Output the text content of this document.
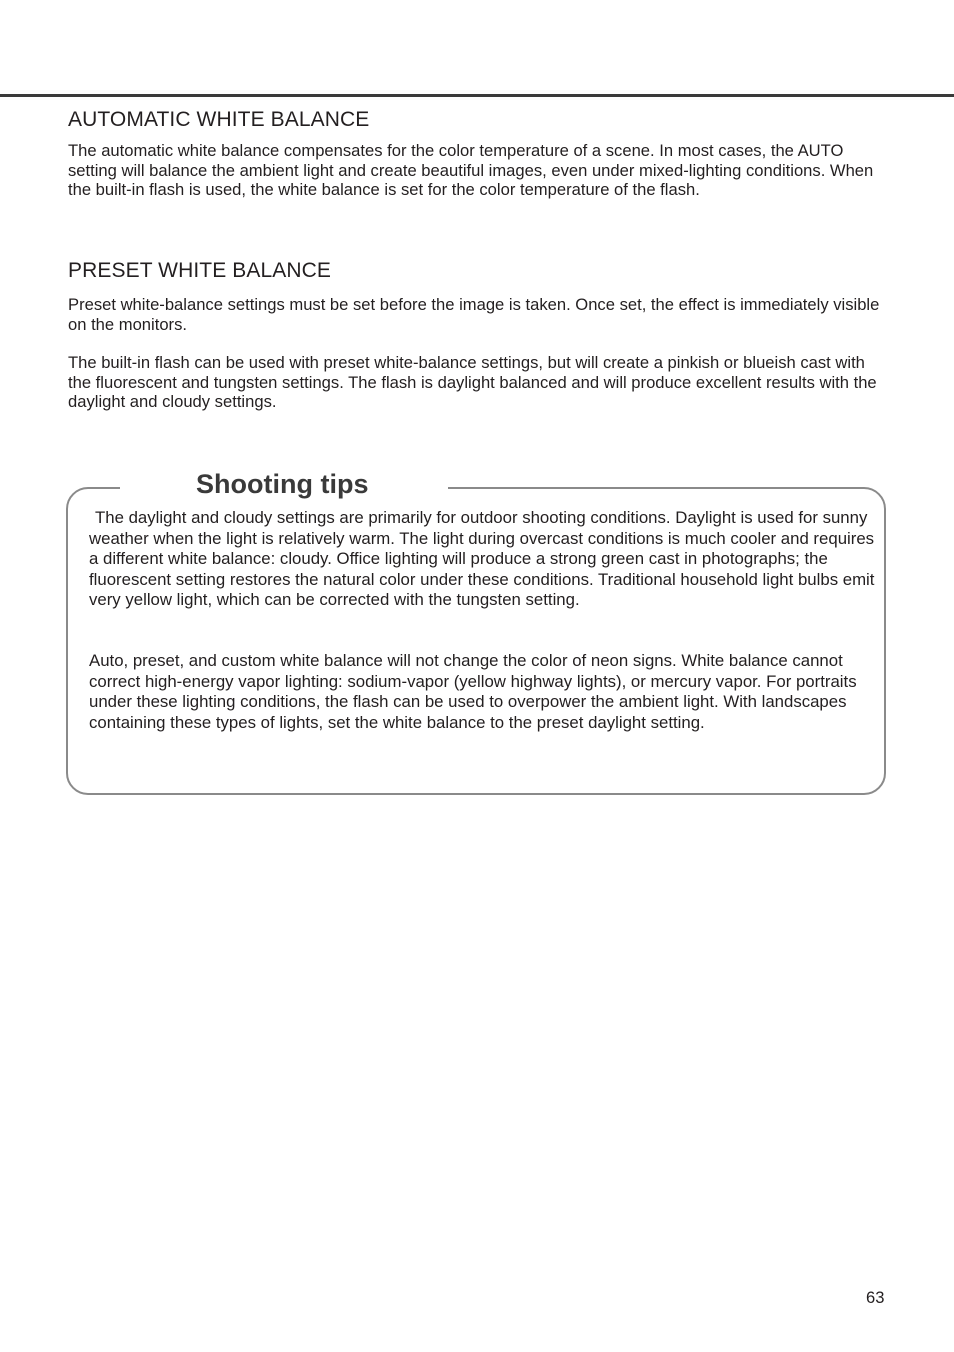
AUTOMATIC WHITE BALANCE

The automatic white balance compensates for the color temperature of a scene. In most cases, the AUTO setting will balance the ambient light and create beautiful images, even under mixed-lighting conditions. When the built-in flash is used, the white balance is set for the color temperature of the flash.

PRESET WHITE BALANCE

Preset white-balance settings must be set before the image is taken. Once set, the effect is immediately visible on the monitors.

The built-in flash can be used with preset white-balance settings, but will create a pinkish or blueish cast with the fluorescent and tungsten settings. The flash is daylight balanced and will produce excellent results with the daylight and cloudy settings.

Shooting tips

The daylight and cloudy settings are primarily for outdoor shooting conditions. Daylight is used for sunny weather when the light is relatively warm. The light during overcast conditions is much cooler and requires a different white balance: cloudy. Office lighting will produce a strong green cast in photographs; the fluorescent setting restores the natural color under these conditions. Traditional household light bulbs emit very yellow light, which can be corrected with the tungsten setting.

Auto, preset, and custom white balance will not change the color of neon signs. White balance cannot correct high-energy vapor lighting: sodium-vapor (yellow highway lights), or mercury vapor. For portraits under these lighting conditions, the flash can be used to overpower the ambient light. With landscapes containing these types of lights, set the white balance to the preset daylight setting.

63
